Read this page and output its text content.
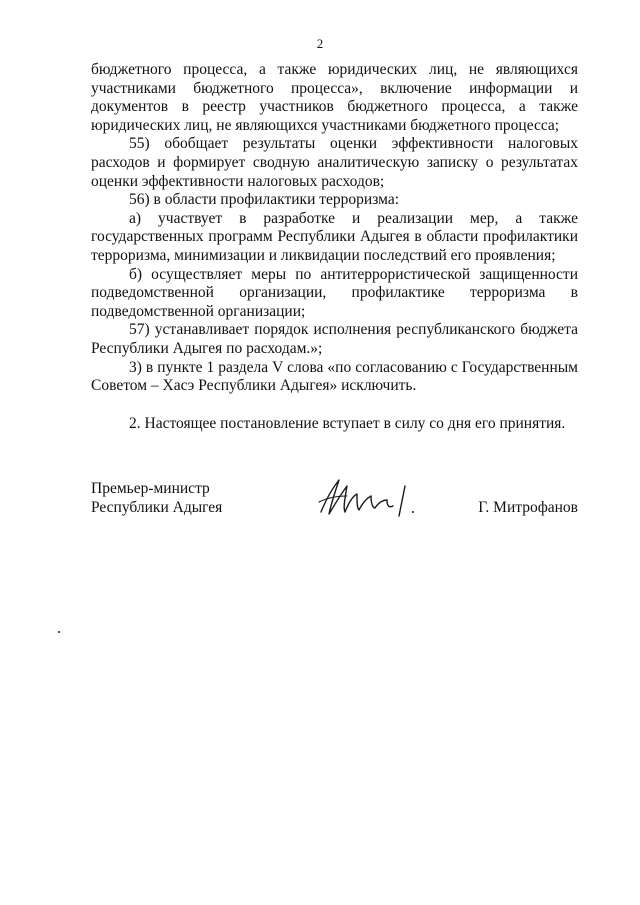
2

бюджетного процесса, а также юридических лиц, не являющихся участниками бюджетного процесса», включение информации и документов в реестр участников бюджетного процесса, а также юридических лиц, не являющихся участниками бюджетного процесса;

55) обобщает результаты оценки эффективности налоговых расходов и формирует сводную аналитическую записку о результатах оценки эффективности налоговых расходов;

56) в области профилактики терроризма:

а) участвует в разработке и реализации мер, а также государственных программ Республики Адыгея в области профилактики терроризма, минимизации и ликвидации последствий его проявления;

б) осуществляет меры по антитеррористической защищенности подведомственной организации, профилактике терроризма в подведомственной организации;

57) устанавливает порядок исполнения республиканского бюджета Республики Адыгея по расходам.»;

3) в пункте 1 раздела V слова «по согласованию с Государственным Советом – Хасэ Республики Адыгея» исключить.

2. Настоящее постановление вступает в силу со дня его принятия.

Премьер-министр
Республики Адыгея	Г. Митрофанов
